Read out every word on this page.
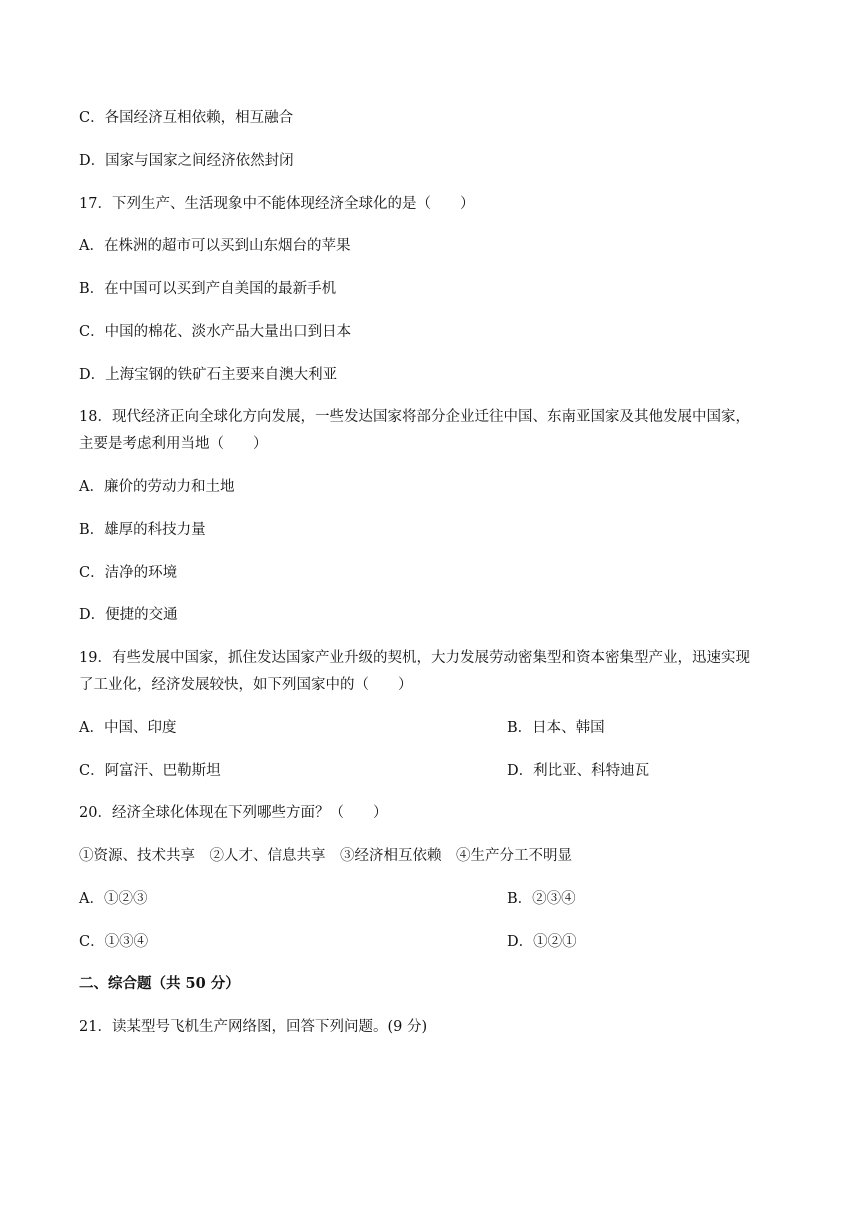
C．各国经济互相依赖，相互融合
D．国家与国家之间经济依然封闭
17．下列生产、生活现象中不能体现经济全球化的是（　　）
A．在株洲的超市可以买到山东烟台的苹果
B．在中国可以买到产自美国的最新手机
C．中国的棉花、淡水产品大量出口到日本
D．上海宝钢的铁矿石主要来自澳大利亚
18．现代经济正向全球化方向发展，一些发达国家将部分企业迁往中国、东南亚国家及其他发展中国家，
主要是考虑利用当地（　　）
A．廉价的劳动力和土地
B．雄厚的科技力量
C．洁净的环境
D．便捷的交通
19．有些发展中国家，抓住发达国家产业升级的契机，大力发展劳动密集型和资本密集型产业，迅速实现
了工业化，经济发展较快，如下列国家中的（　　）
A．中国、印度	B．日本、韩国
C．阿富汗、巴勒斯坦	D．利比亚、科特迪瓦
20．经济全球化体现在下列哪些方面？（　　）
①资源、技术共享　②人才、信息共享　③经济相互依赖　④生产分工不明显
A．①②③	B．②③④
C．①③④	D．①②①
二、综合题（共 50 分）
21．读某型号飞机生产网络图，回答下列问题。(9 分)
